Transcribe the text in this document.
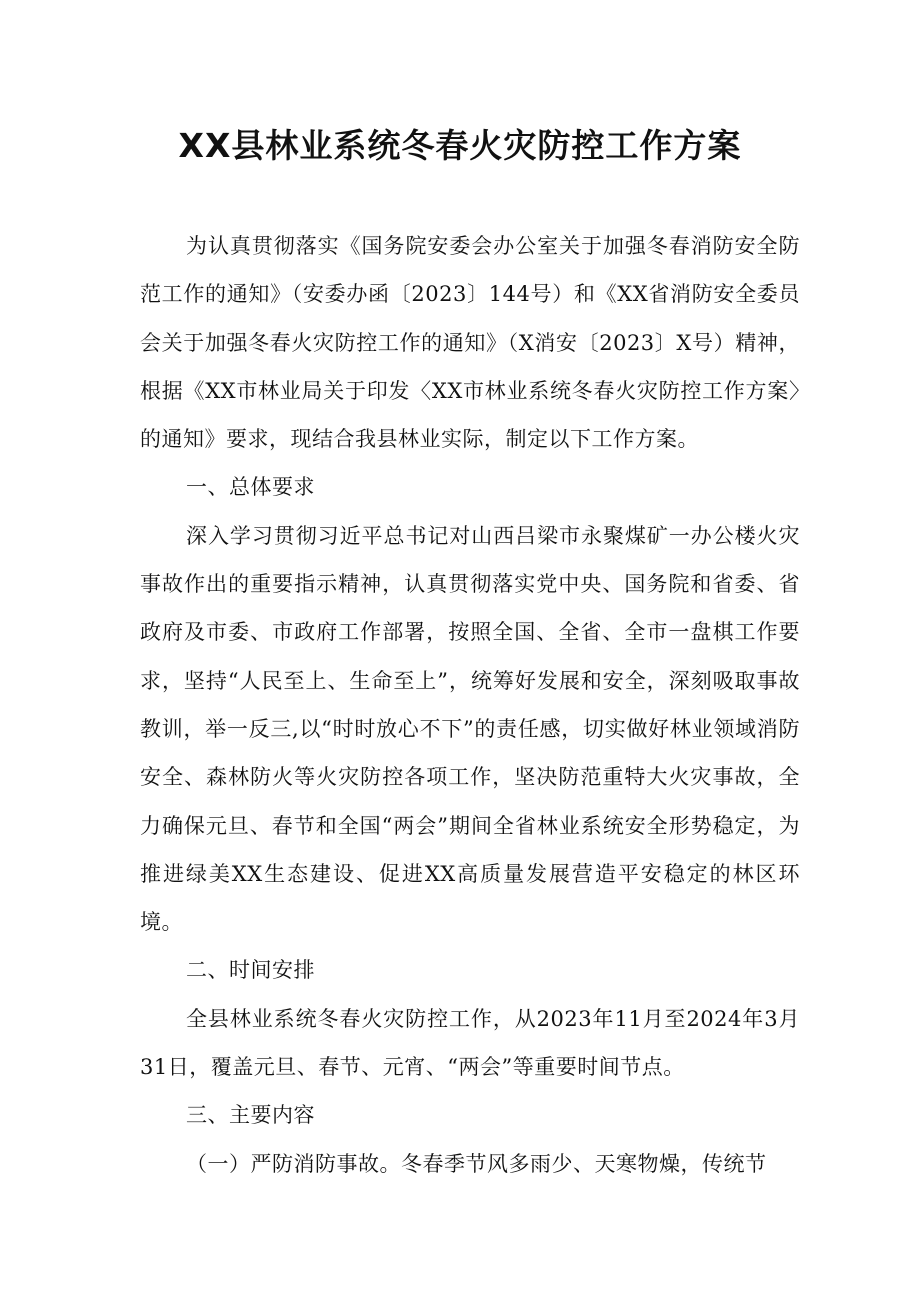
XX县林业系统冬春火灾防控工作方案

为认真贯彻落实《国务院安委会办公室关于加强冬春消防安全防范工作的通知》（安委办函〔2023〕144号）和《XX省消防安全委员会关于加强冬春火灾防控工作的通知》（X消安〔2023〕X号）精神，根据《XX市林业局关于印发〈XX市林业系统冬春火灾防控工作方案〉的通知》要求，现结合我县林业实际，制定以下工作方案。

一、总体要求

深入学习贯彻习近平总书记对山西吕梁市永聚煤矿一办公楼火灾事故作出的重要指示精神，认真贯彻落实党中央、国务院和省委、省政府及市委、市政府工作部署，按照全国、全省、全市一盘棋工作要求，坚持“人民至上、生命至上”，统筹好发展和安全，深刻吸取事故教训，举一反三,以“时时放心不下”的责任感，切实做好林业领域消防安全、森林防火等火灾防控各项工作，坚决防范重特大火灾事故，全力确保元旦、春节和全国“两会”期间全省林业系统安全形势稳定，为推进绿美XX生态建设、促进XX高质量发展营造平安稳定的林区环境。

二、时间安排

全县林业系统冬春火灾防控工作，从2023年11月至2024年3月31日，覆盖元旦、春节、元宵、“两会”等重要时间节点。

三、主要内容

（一）严防消防事故。冬春季节风多雨少、天寒物燥，传统节
